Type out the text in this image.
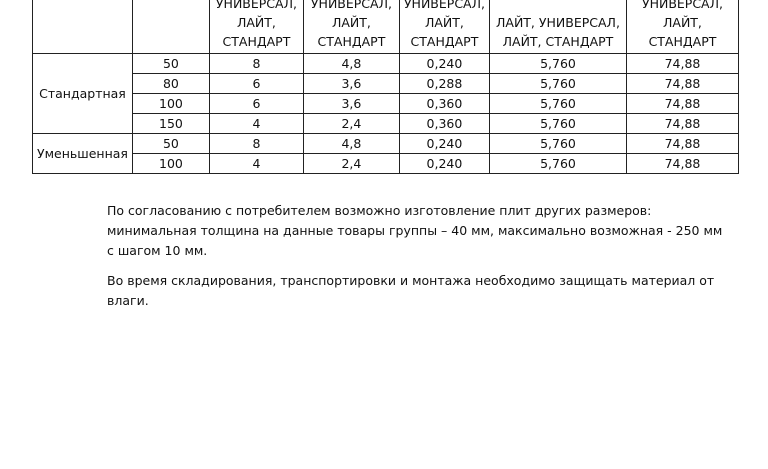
		УНИВЕРСАЛ,
ЛАЙТ,
СТАНДАРТ	УНИВЕРСАЛ,
ЛАЙТ,
СТАНДАРТ	УНИВЕРСАЛ,
ЛАЙТ,
СТАНДАРТ	ЛАЙТ, УНИВЕРСАЛ,
ЛАЙТ, СТАНДАРТ	УНИВЕРСАЛ,
ЛАЙТ,
СТАНДАРТ

Стандартная	50	8	4,8	0,240	5,760	74,88
	80	6	3,6	0,288	5,760	74,88
	100	6	3,6	0,360	5,760	74,88
	150	4	2,4	0,360	5,760	74,88
Уменьшенная	50	8	4,8	0,240	5,760	74,88
	100	4	2,4	0,240	5,760	74,88

По согласованию с потребителем возможно изготовление плит других размеров: минимальная толщина на данные товары группы – 40 мм, максимально возможная - 250 мм с шагом 10 мм.

Во время складирования, транспортировки и монтажа необходимо защищать материал от влаги.
